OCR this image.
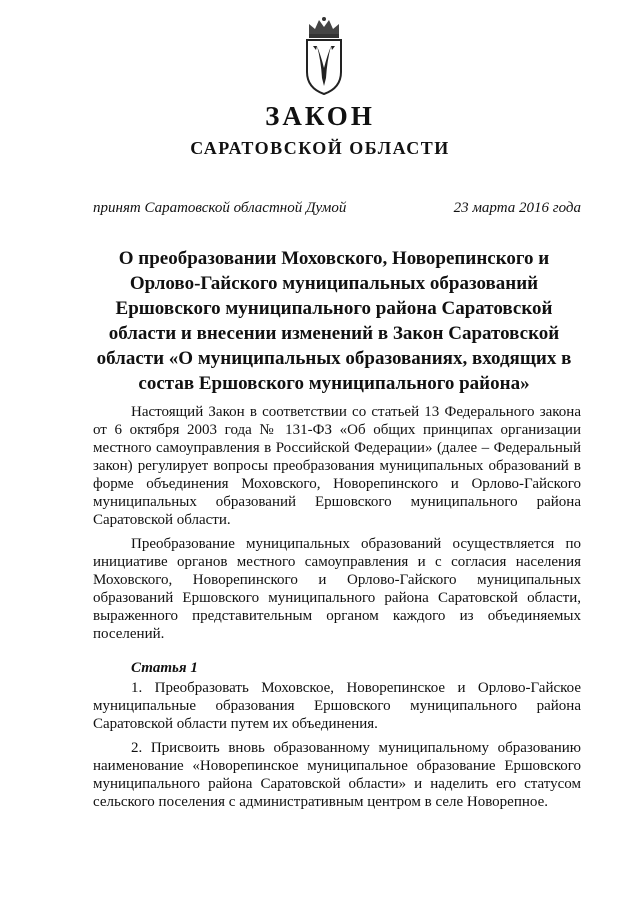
ЗАКОН
САРАТОВСКОЙ ОБЛАСТИ
принят Саратовской областной Думой	23 марта 2016 года
О преобразовании Моховского, Новорепинского и Орлово-Гайского муниципальных образований Ершовского муниципального района Саратовской области и внесении изменений в Закон Саратовской области «О муниципальных образованиях, входящих в состав Ершовского муниципального района»

Настоящий Закон в соответствии со статьей 13 Федерального закона от 6 октября 2003 года № 131-ФЗ «Об общих принципах организации местного самоуправления в Российской Федерации» (далее – Федеральный закон) регулирует вопросы преобразования муниципальных образований в форме объединения Моховского, Новорепинского и Орлово-Гайского муниципальных образований Ершовского муниципального района Саратовской области.

Преобразование муниципальных образований осуществляется по инициативе органов местного самоуправления и с согласия населения Моховского, Новорепинского и Орлово-Гайского муниципальных образований Ершовского муниципального района Саратовской области, выраженного представительным органом каждого из объединяемых поселений.

Статья 1

1. Преобразовать Моховское, Новорепинское и Орлово-Гайское муниципальные образования Ершовского муниципального района Саратовской области путем их объединения.

2. Присвоить вновь образованному муниципальному образованию наименование «Новорепинское муниципальное образование Ершовского муниципального района Саратовской области» и наделить его статусом сельского поселения с административным центром в селе Новорепное.
